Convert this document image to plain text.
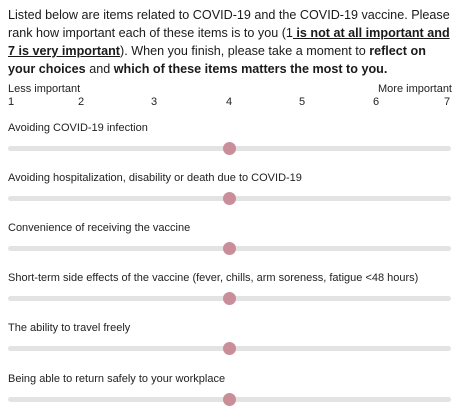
Listed below are items related to COVID-19 and the COVID-19 vaccine. Please rank how important each of these items is to you (1 is not at all important and 7 is very important). When you finish, please take a moment to reflect on your choices and which of these items matters the most to you.
Less important	More important
1	2	3	4	5	6	7
Avoiding COVID-19 infection
Avoiding hospitalization, disability or death due to COVID-19
Convenience of receiving the vaccine
Short-term side effects of the vaccine (fever, chills, arm soreness, fatigue <48 hours)
The ability to travel freely
Being able to return safely to your workplace
